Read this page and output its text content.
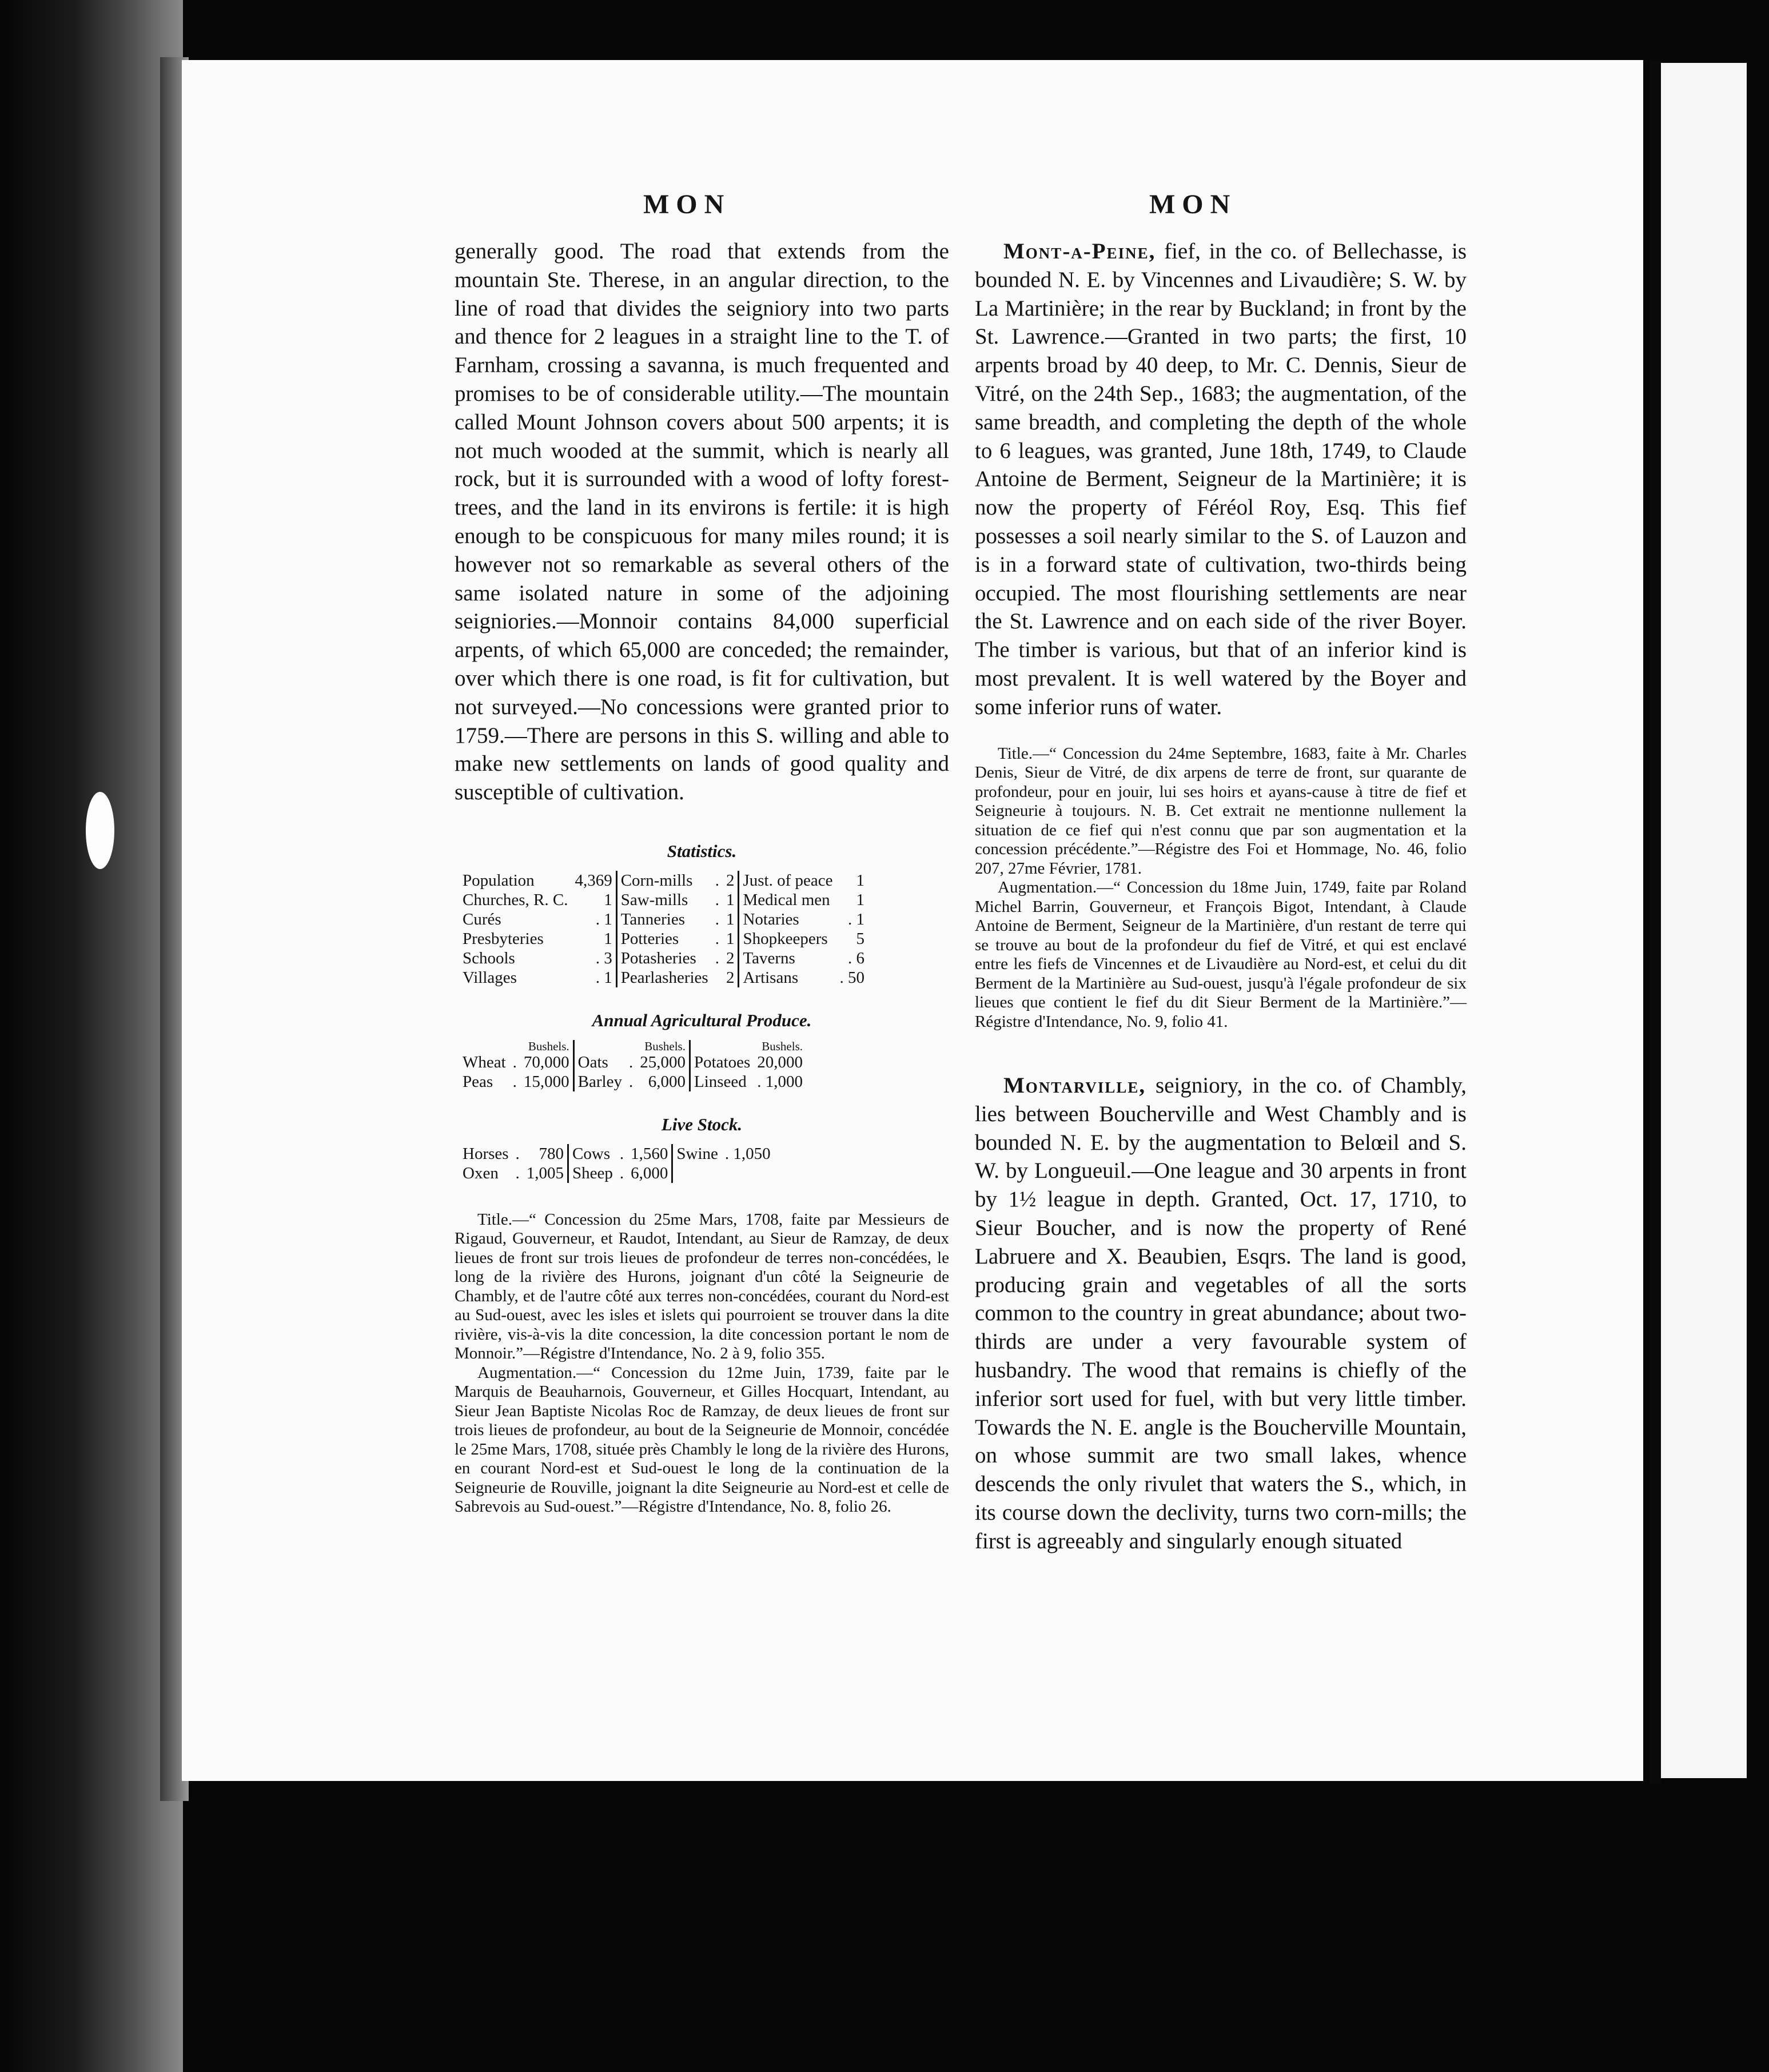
MON	MON

generally good. The road that extends from the mountain Ste. Therese, in an angular direction, to the line of road that divides the seigniory into two parts and thence for 2 leagues in a straight line to the T. of Farnham, crossing a savanna, is much frequented and promises to be of considerable utility.—The mountain called Mount Johnson covers about 500 arpents; it is not much wooded at the summit, which is nearly all rock, but it is surrounded with a wood of lofty forest-trees, and the land in its environs is fertile: it is high enough to be conspicuous for many miles round; it is however not so remarkable as several others of the same isolated nature in some of the adjoining seigniories.—Monnoir contains 84,000 superficial arpents, of which 65,000 are conceded; the remainder, over which there is one road, is fit for cultivation, but not surveyed.—No concessions were granted prior to 1759.—There are persons in this S. willing and able to make new settlements on lands of good quality and susceptible of cultivation.

Statistics.
Population	4,369	Corn-mills	.	2	Just. of peace	1
Churches, R. C.	1	Saw-mills	.	1	Medical men	1
Curés	. 1	Tanneries	.	1	Notaries	. 1
Presbyteries	1	Potteries	.	1	Shopkeepers	5
Schools	. 3	Potasheries	.	2	Taverns	. 6
Villages	. 1	Pearlasheries		2	Artisans	. 50
Annual Agricultural Produce.
		Bushels.			Bushels.		Bushels.
Wheat	.	70,000	Oats	.	25,000	Potatoes	20,000
Peas	.	15,000	Barley	.	6,000	Linseed	. 1,000
Live Stock.
Horses	.	780	Cows	.	1,560	Swine	. 1,050
Oxen	.	1,005	Sheep	.	6,000		

Title.—“ Concession du 25me Mars, 1708, faite par Messieurs de Rigaud, Gouverneur, et Raudot, Intendant, au Sieur de Ramzay, de deux lieues de front sur trois lieues de profondeur de terres non-concédées, le long de la rivière des Hurons, joignant d'un côté la Seigneurie de Chambly, et de l'autre côté aux terres non-concédées, courant du Nord-est au Sud-ouest, avec les isles et islets qui pourroient se trouver dans la dite rivière, vis-à-vis la dite concession, la dite concession portant le nom de Monnoir.”—Régistre d'Intendance, No. 2 à 9, folio 355.

Augmentation.—“ Concession du 12me Juin, 1739, faite par le Marquis de Beauharnois, Gouverneur, et Gilles Hocquart, Intendant, au Sieur Jean Baptiste Nicolas Roc de Ramzay, de deux lieues de front sur trois lieues de profondeur, au bout de la Seigneurie de Monnoir, concédée le 25me Mars, 1708, située près Chambly le long de la rivière des Hurons, en courant Nord-est et Sud-ouest le long de la continuation de la Seigneurie de Rouville, joignant la dite Seigneurie au Nord-est et celle de Sabrevois au Sud-ouest.”—Régistre d'Intendance, No. 8, folio 26.

Mont-a-Peine, fief, in the co. of Bellechasse, is bounded N. E. by Vincennes and Livaudière; S. W. by La Martinière; in the rear by Buckland; in front by the St. Lawrence.—Granted in two parts; the first, 10 arpents broad by 40 deep, to Mr. C. Dennis, Sieur de Vitré, on the 24th Sep., 1683; the augmentation, of the same breadth, and completing the depth of the whole to 6 leagues, was granted, June 18th, 1749, to Claude Antoine de Berment, Seigneur de la Martinière; it is now the property of Féréol Roy, Esq. This fief possesses a soil nearly similar to the S. of Lauzon and is in a forward state of cultivation, two-thirds being occupied. The most flourishing settlements are near the St. Lawrence and on each side of the river Boyer. The timber is various, but that of an inferior kind is most prevalent. It is well watered by the Boyer and some inferior runs of water.

Title.—“ Concession du 24me Septembre, 1683, faite à Mr. Charles Denis, Sieur de Vitré, de dix arpens de terre de front, sur quarante de profondeur, pour en jouir, lui ses hoirs et ayans-cause à titre de fief et Seigneurie à toujours. N. B. Cet extrait ne mentionne nullement la situation de ce fief qui n'est connu que par son augmentation et la concession précédente.”—Régistre des Foi et Hommage, No. 46, folio 207, 27me Février, 1781.

Augmentation.—“ Concession du 18me Juin, 1749, faite par Roland Michel Barrin, Gouverneur, et François Bigot, Intendant, à Claude Antoine de Berment, Seigneur de la Martinière, d'un restant de terre qui se trouve au bout de la profondeur du fief de Vitré, et qui est enclavé entre les fiefs de Vincennes et de Livaudière au Nord-est, et celui du dit Berment de la Martinière au Sud-ouest, jusqu'à l'égale profondeur de six lieues que contient le fief du dit Sieur Berment de la Martinière.”—Régistre d'Intendance, No. 9, folio 41.

Montarville, seigniory, in the co. of Chambly, lies between Boucherville and West Chambly and is bounded N. E. by the augmentation to Belœil and S. W. by Longueuil.—One league and 30 arpents in front by 1½ league in depth. Granted, Oct. 17, 1710, to Sieur Boucher, and is now the property of René Labruere and X. Beaubien, Esqrs. The land is good, producing grain and vegetables of all the sorts common to the country in great abundance; about two-thirds are under a very favourable system of husbandry. The wood that remains is chiefly of the inferior sort used for fuel, with but very little timber. Towards the N. E. angle is the Boucherville Mountain, on whose summit are two small lakes, whence descends the only rivulet that waters the S., which, in its course down the declivity, turns two corn-mills; the first is agreeably and singularly enough situated
